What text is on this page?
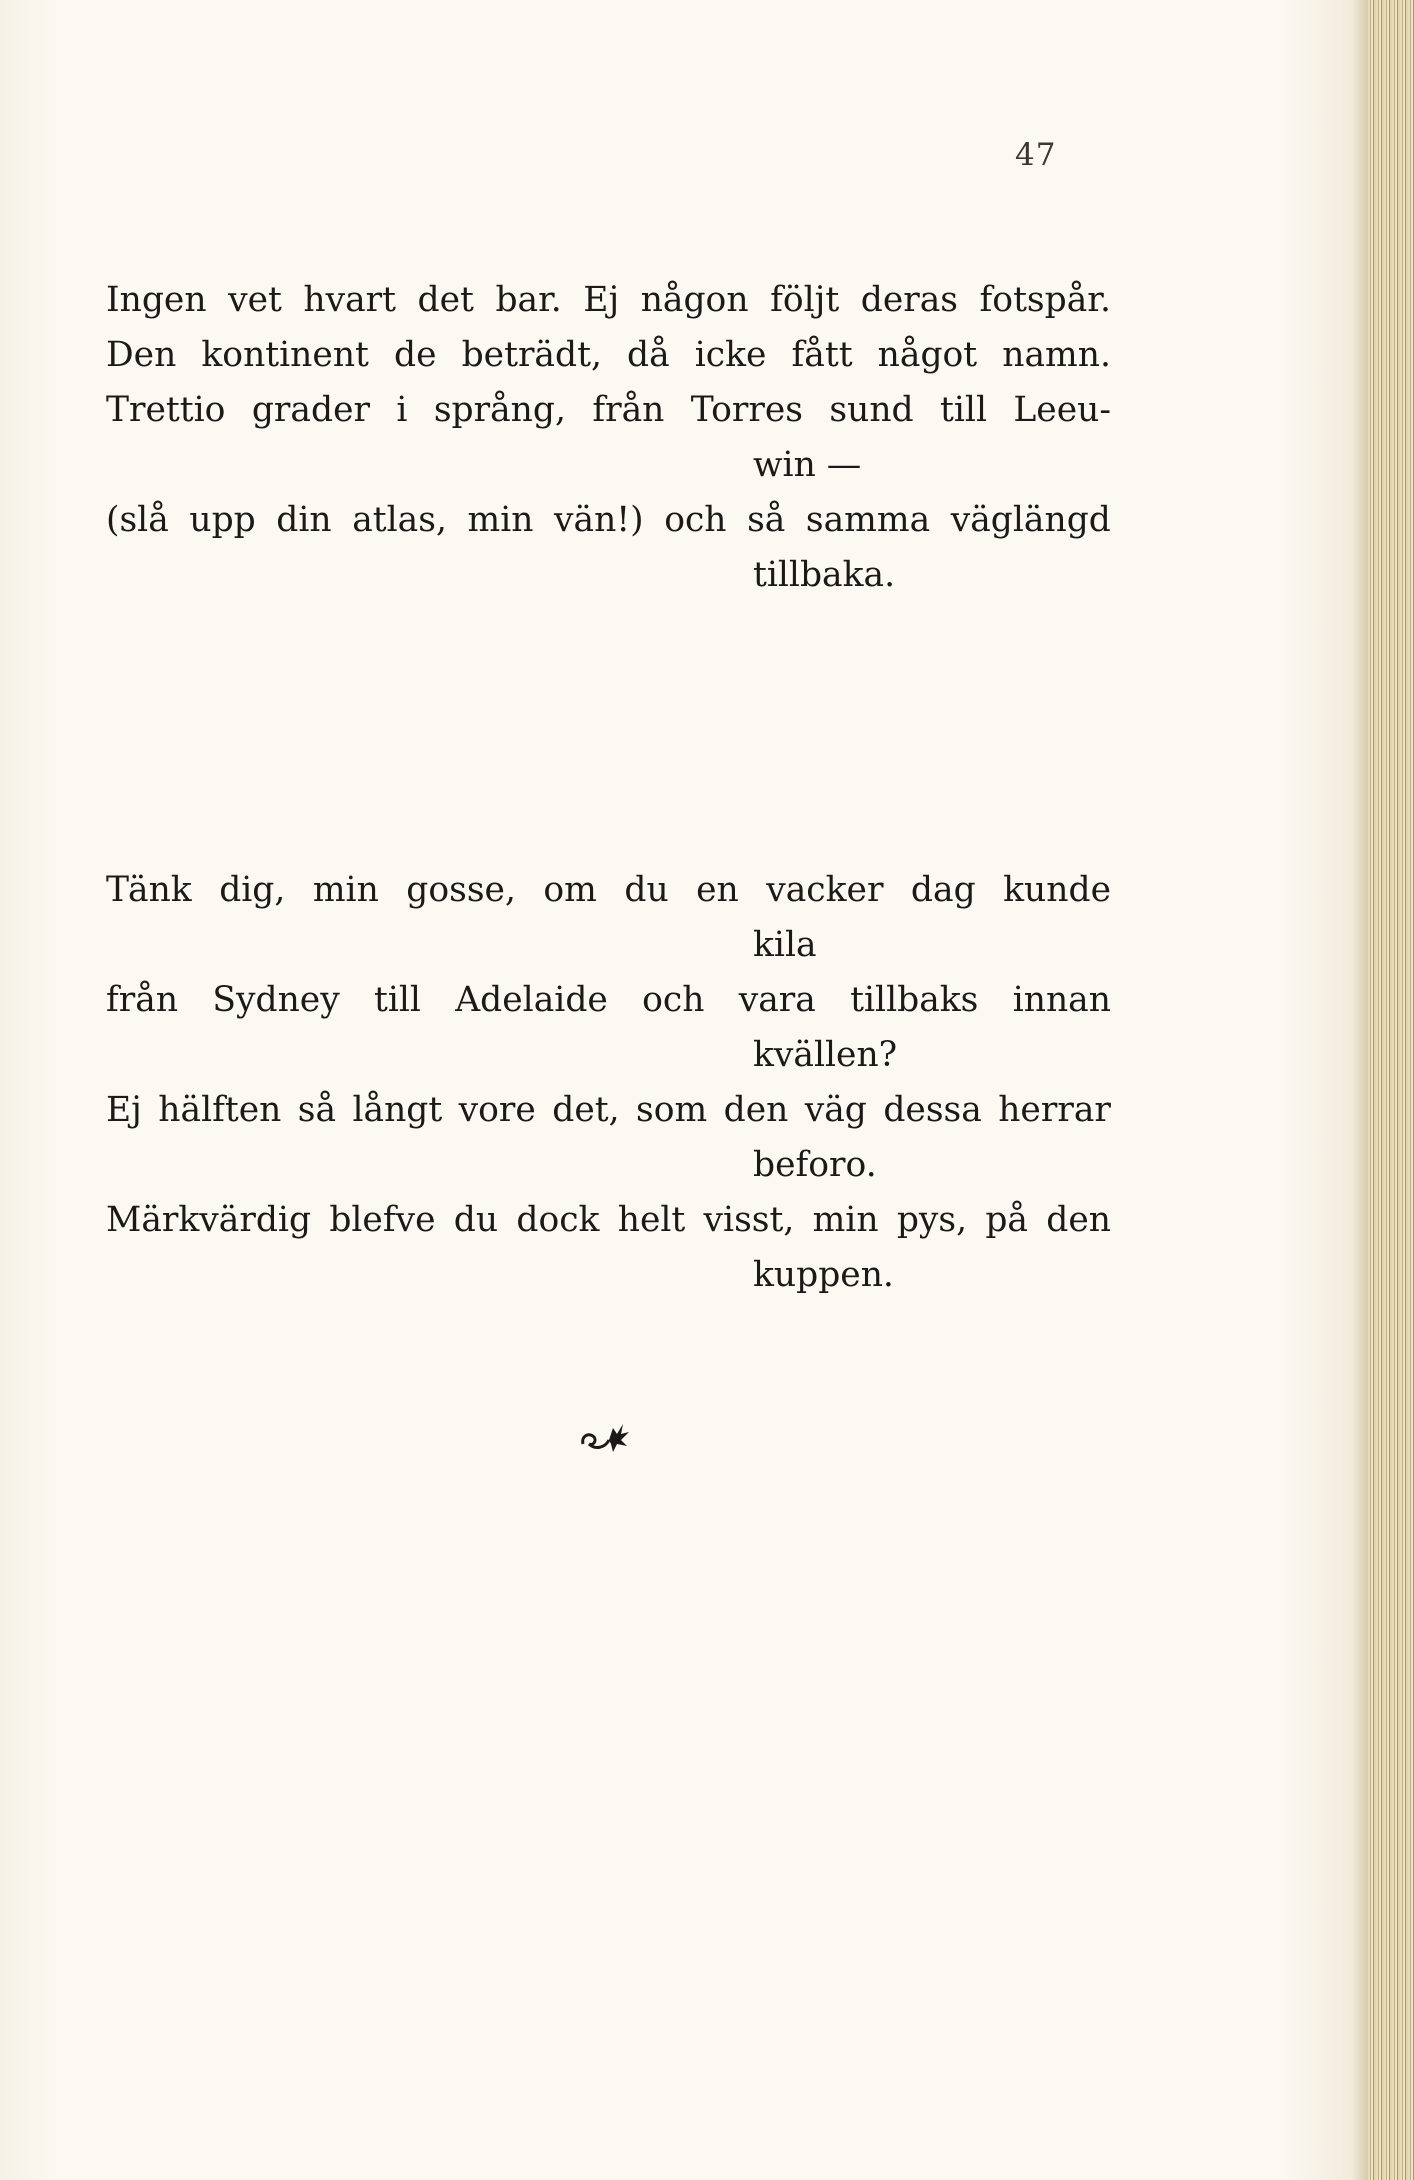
47
Ingen vet hvart det bar. Ej någon följt deras fotspår.
Den kontinent de beträdt, då icke fått något namn.
Trettio grader i språng, från Torres sund till Leeu-
win —
(slå upp din atlas, min vän!) och så samma väglängd
tillbaka.
Tänk dig, min gosse, om du en vacker dag kunde
kila
från Sydney till Adelaide och vara tillbaks innan
kvällen?
Ej hälften så långt vore det, som den väg dessa herrar
beforo.
Märkvärdig blefve du dock helt visst, min pys, på den
kuppen.
